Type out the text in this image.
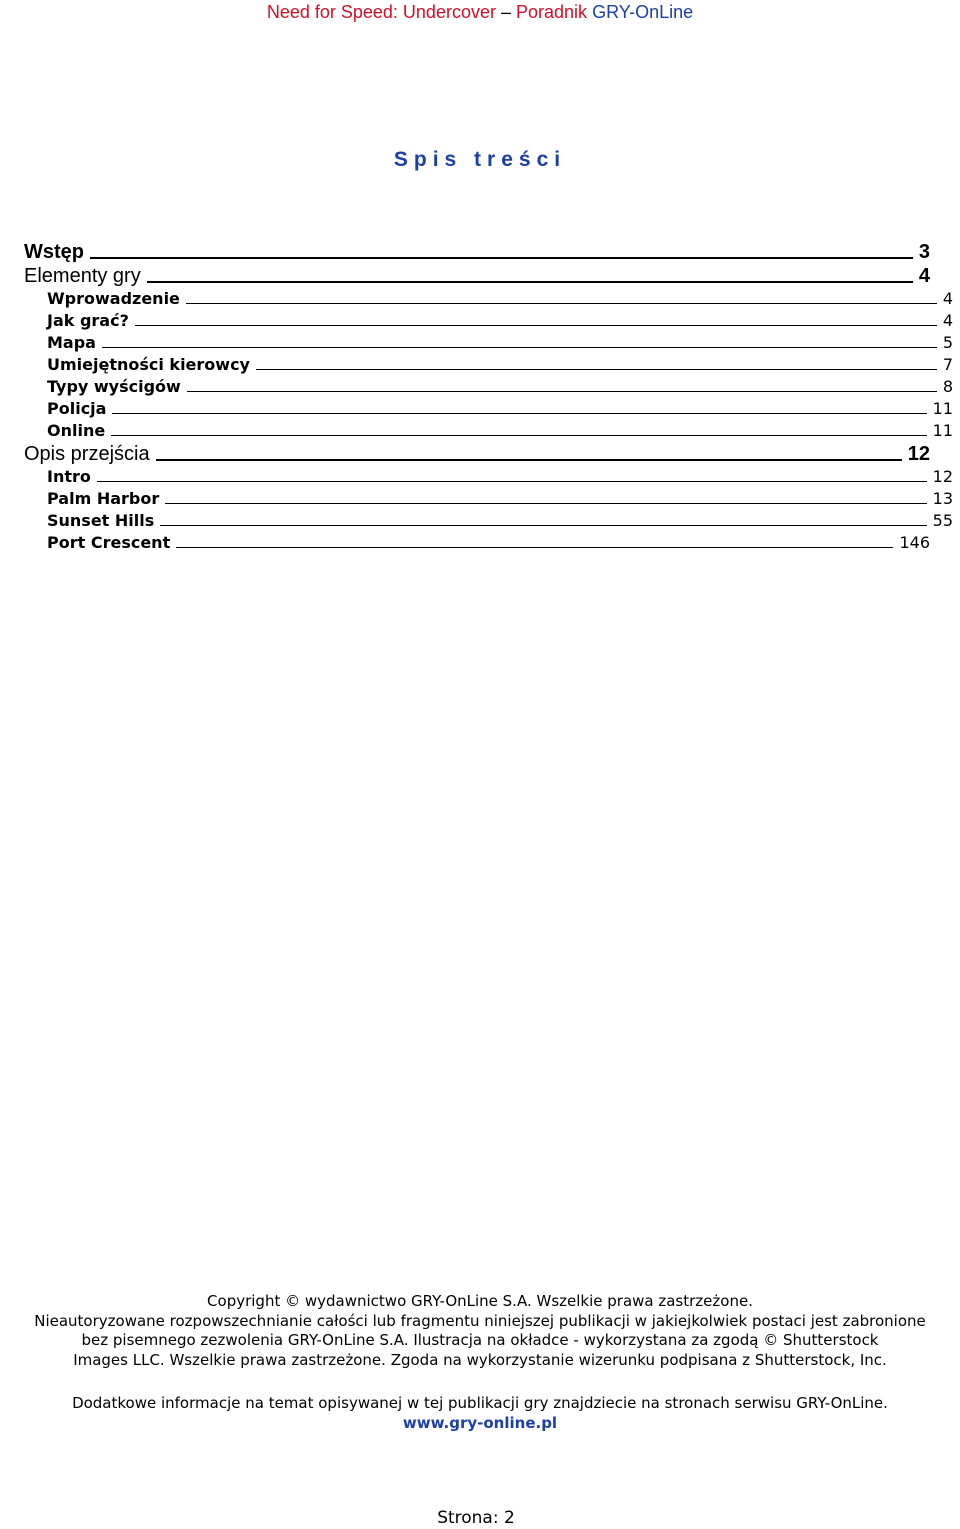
Need for Speed: Undercover – Poradnik GRY-OnLine
Spis treści
Wstęp	3
Elementy gry	4
Wprowadzenie	4
Jak grać?	4
Mapa	5
Umiejętności kierowcy	7
Typy wyścigów	8
Policja	11
Online	11
Opis przejścia	12
Intro	12
Palm Harbor	13
Sunset Hills	55
Port Crescent	146

Copyright © wydawnictwo GRY-OnLine S.A. Wszelkie prawa zastrzeżone.

Nieautoryzowane rozpowszechnianie całości lub fragmentu niniejszej publikacji w jakiejkolwiek postaci jest zabronione

bez pisemnego zezwolenia GRY-OnLine S.A. Ilustracja na okładce - wykorzystana za zgodą © Shutterstock

Images LLC. Wszelkie prawa zastrzeżone. Zgoda na wykorzystanie wizerunku podpisana z Shutterstock, Inc.

Dodatkowe informacje na temat opisywanej w tej publikacji gry znajdziecie na stronach serwisu GRY-OnLine.

www.gry-online.pl

Strona: 2
